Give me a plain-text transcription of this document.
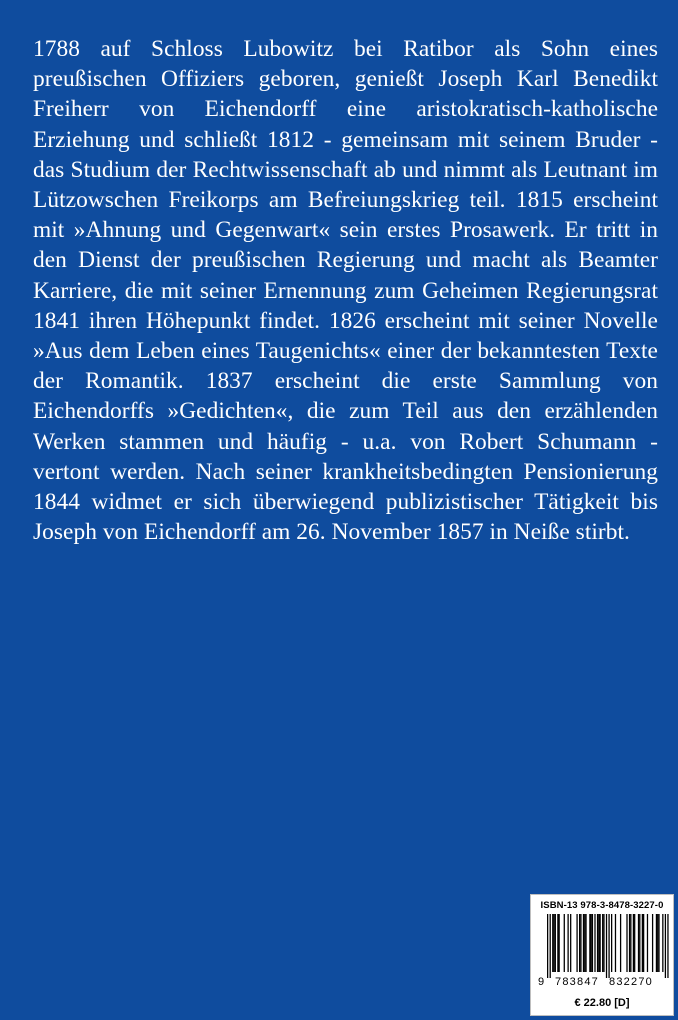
1788 auf Schloss Lubowitz bei Ratibor als Sohn eines preußischen Offiziers geboren, genießt Joseph Karl Benedikt Freiherr von Eichendorff eine aristokratisch-katholische Erziehung und schließt 1812 - gemeinsam mit seinem Bruder - das Studium der Rechtwissenschaft ab und nimmt als Leutnant im Lützowschen Freikorps am Befreiungskrieg teil. 1815 erscheint mit »Ahnung und Gegenwart« sein erstes Prosawerk. Er tritt in den Dienst der preußischen Regierung und macht als Beamter Karriere, die mit seiner Ernennung zum Geheimen Regierungsrat 1841 ihren Höhepunkt findet. 1826 erscheint mit seiner Novelle »Aus dem Leben eines Taugenichts« einer der bekanntesten Texte der Romantik. 1837 erscheint die erste Sammlung von Eichendorffs »Gedichten«, die zum Teil aus den erzählenden Werken stammen und häufig - u.a. von Robert Schumann - vertont werden. Nach seiner krankheitsbedingten Pensionierung 1844 widmet er sich überwiegend publizistischer Tätigkeit bis Joseph von Eichendorff am 26. November 1857 in Neiße stirbt.

ISBN-13 978-3-8478-3227-0
9 783847 832270
€ 22.80 [D]
